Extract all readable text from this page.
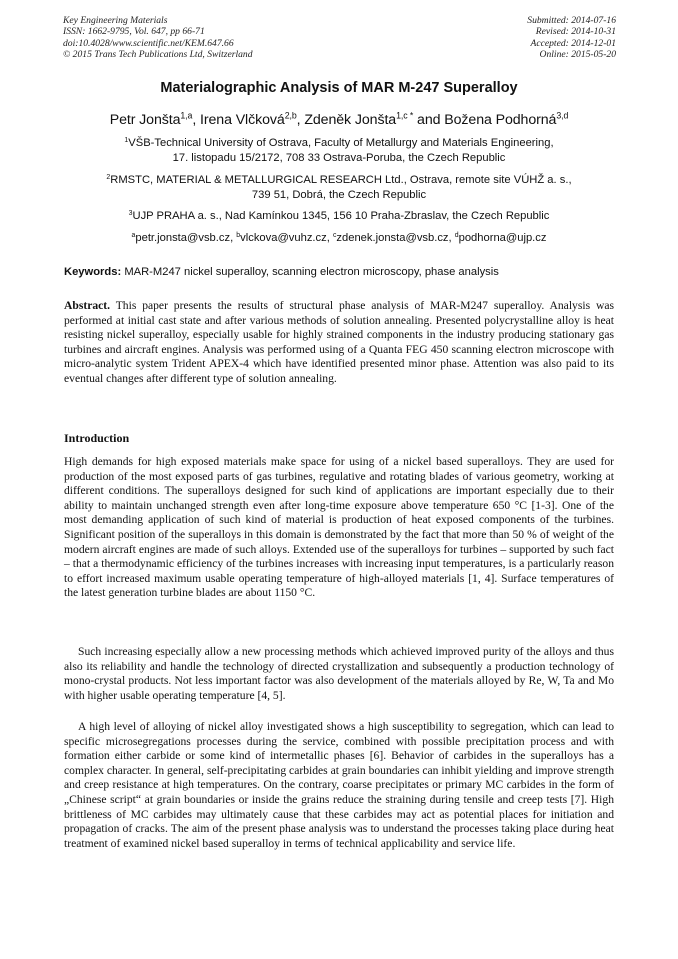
Key Engineering Materials
ISSN: 1662-9795, Vol. 647, pp 66-71
doi:10.4028/www.scientific.net/KEM.647.66
© 2015 Trans Tech Publications Ltd, Switzerland
Submitted: 2014-07-16
Revised: 2014-10-31
Accepted: 2014-12-01
Online: 2015-05-20
Materialographic Analysis of MAR M-247 Superalloy
Petr Jonšta$^{1,a}$, Irena Vlčková$^{2,b}$, Zdeněk Jonšta$^{1,c *}$ and Božena Podhorná$^{3,d}$
$^1$VŠB-Technical University of Ostrava, Faculty of Metallurgy and Materials Engineering,
17. listopadu 15/2172, 708 33 Ostrava-Poruba, the Czech Republic
$^2$RMSTC, MATERIAL & METALLURGICAL RESEARCH Ltd., Ostrava, remote site VÚHŽ a. s.,
739 51, Dobrá, the Czech Republic
$^3$UJP PRAHA a. s., Nad Kamínkou 1345, 156 10 Praha-Zbraslav, the Czech Republic
$^a$petr.jonsta@vsb.cz, $^b$vlckova@vuhz.cz, $^c$zdenek.jonsta@vsb.cz, $^d$podhorna@ujp.cz
Keywords: MAR-M247 nickel superalloy, scanning electron microscopy, phase analysis

Abstract. This paper presents the results of structural phase analysis of MAR-M247 superalloy. Analysis was performed at initial cast state and after various methods of solution annealing. Presented polycrystalline alloy is heat resisting nickel superalloy, especially usable for highly strained components in the industry producing stationary gas turbines and aircraft engines. Analysis was performed using of a Quanta FEG 450 scanning electron microscope with micro-analytic system Trident APEX-4 which have identified presented minor phase. Attention was also paid to its eventual changes after different type of solution annealing.

Introduction

High demands for high exposed materials make space for using of a nickel based superalloys. They are used for production of the most exposed parts of gas turbines, regulative and rotating blades of various geometry, working at different conditions. The superalloys designed for such kind of applications are important especially due to their ability to maintain unchanged strength even after long-time exposure above temperature 650 °C [1-3]. One of the most demanding application of such kind of material is production of heat exposed components of the turbines. Significant position of the superalloys in this domain is demonstrated by the fact that more than 50 % of weight of the modern aircraft engines are made of such alloys. Extended use of the superalloys for turbines – supported by such fact – that a thermodynamic efficiency of the turbines increases with increasing input temperatures, is a particularly reason to effort increased maximum usable operating temperature of high-alloyed materials [1, 4]. Surface temperatures of the latest generation turbine blades are about 1150 °C.

Such increasing especially allow a new processing methods which achieved improved purity of the alloys and thus also its reliability and handle the technology of directed crystallization and subsequently a production technology of mono-crystal products. Not less important factor was also development of the materials alloyed by Re, W, Ta and Mo with higher usable operating temperature [4, 5].

A high level of alloying of nickel alloy investigated shows a high susceptibility to segregation, which can lead to specific microsegregations processes during the service, combined with possible precipitation process and with formation either carbide or some kind of intermetallic phases [6]. Behavior of carbides in the superalloys has a complex character. In general, self-precipitating carbides at grain boundaries can inhibit yielding and improve strength and creep resistance at high temperatures. On the contrary, coarse precipitates or primary MC carbides in the form of „Chinese script“ at grain boundaries or inside the grains reduce the straining during tensile and creep tests [7]. High brittleness of MC carbides may ultimately cause that these carbides may act as potential places for initiation and propagation of cracks. The aim of the present phase analysis was to understand the processes taking place during heat treatment of examined nickel based superalloy in terms of technical applicability and service life.
